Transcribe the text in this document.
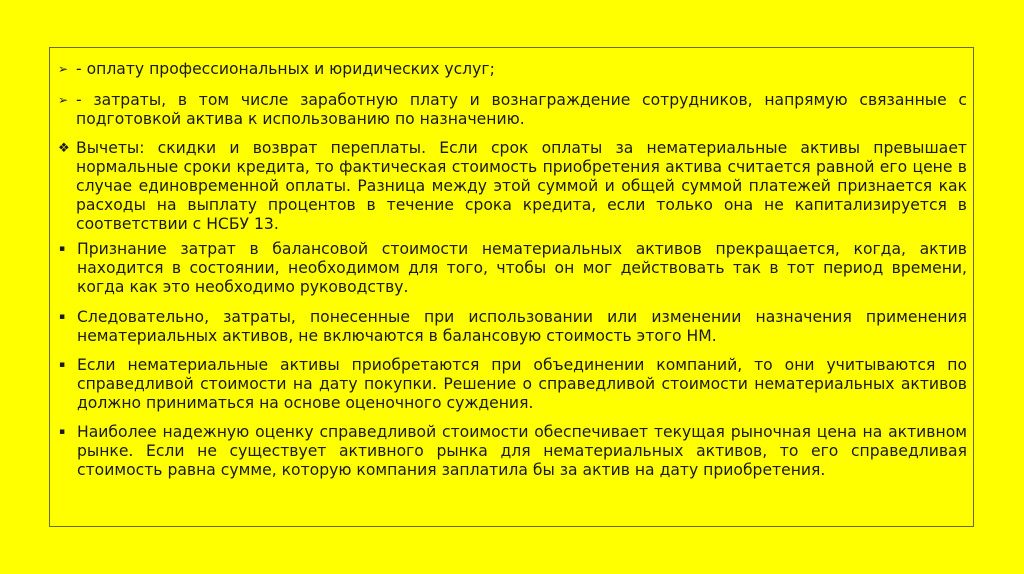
➢ - оплату профессиональных и юридических услуг;
➢ - затраты, в том числе заработную плату и вознаграждение сотрудников, напрямую связанные с подготовкой актива к использованию по назначению.
❖ Вычеты: скидки и возврат переплаты. Если срок оплаты за нематериальные активы превышает нормальные сроки кредита, то фактическая стоимость приобретения актива считается равной его цене в случае единовременной оплаты. Разница между этой суммой и общей суммой платежей признается как расходы на выплату процентов в течение срока кредита, если только она не капитализируется в соответствии с НСБУ 13.
▪ Признание затрат в балансовой стоимости нематериальных активов прекращается, когда, актив находится в состоянии, необходимом для того, чтобы он мог действовать так в тот период времени, когда как это необходимо руководству.
▪ Следовательно, затраты, понесенные при использовании или изменении назначения применения нематериальных активов, не включаются в балансовую стоимость этого НМ.
▪ Если нематериальные активы приобретаются при объединении компаний, то они учитываются по справедливой стоимости на дату покупки. Решение о справедливой стоимости нематериальных активов должно приниматься на основе оценочного суждения.
▪ Наиболее надежную оценку справедливой стоимости обеспечивает текущая рыночная цена на активном рынке. Если не существует активного рынка для нематериальных активов, то его справедливая стоимость равна сумме, которую компания заплатила бы за актив на дату приобретения.
